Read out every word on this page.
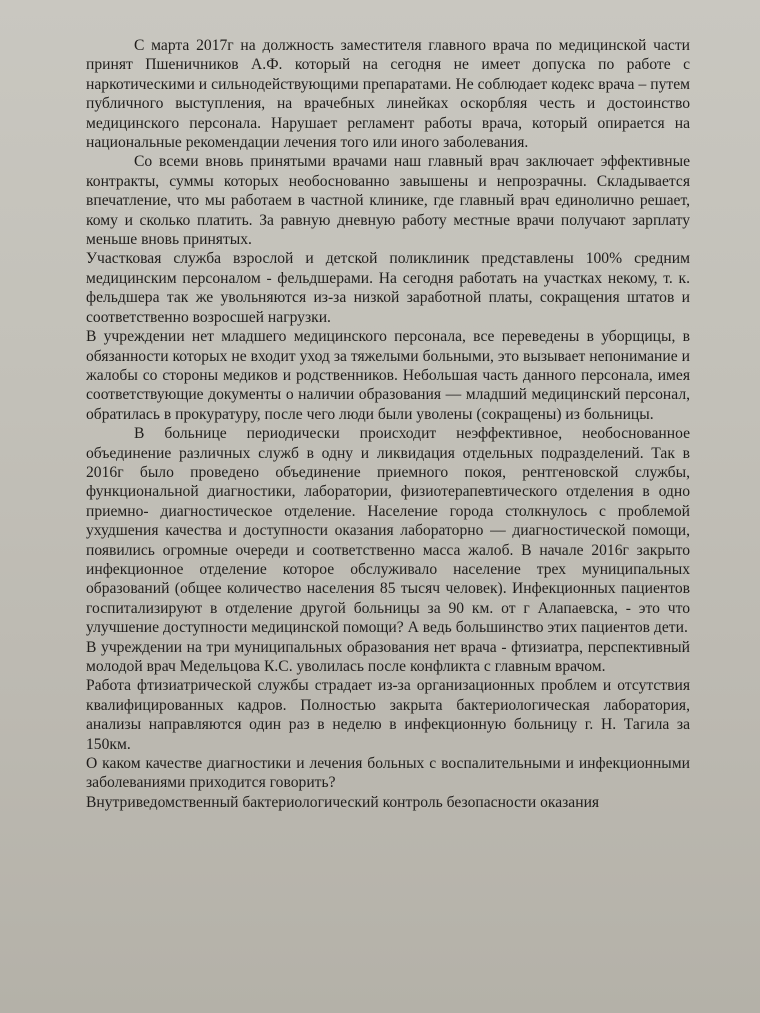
С марта 2017г на должность заместителя главного врача по медицинской части принят Пшеничников А.Ф. который на сегодня не имеет допуска по работе с наркотическими и сильнодействующими препаратами. Не соблюдает кодекс врача – путем публичного выступления, на врачебных линейках оскорбляя честь и достоинство медицинского персонала. Нарушает регламент работы врача, который опирается на национальные рекомендации лечения того или иного заболевания.

Со всеми вновь принятыми врачами наш главный врач заключает эффективные контракты, суммы которых необоснованно завышены и непрозрачны. Складывается впечатление, что мы работаем в частной клинике, где главный врач единолично решает, кому и сколько платить. За равную дневную работу местные врачи получают зарплату меньше вновь принятых.

Участковая служба взрослой и детской поликлиник представлены 100% средним медицинским персоналом - фельдшерами. На сегодня работать на участках некому, т. к. фельдшера так же увольняются из-за низкой заработной платы, сокращения штатов и соответственно возросшей нагрузки.

В учреждении нет младшего медицинского персонала, все переведены в уборщицы, в обязанности которых не входит уход за тяжелыми больными, это вызывает непонимание и жалобы со стороны медиков и родственников. Небольшая часть данного персонала, имея соответствующие документы о наличии образования — младший медицинский персонал, обратилась в прокуратуру, после чего люди были уволены (сокращены) из больницы.

В больнице периодически происходит неэффективное, необоснованное объединение различных служб в одну и ликвидация отдельных подразделений. Так в 2016г было проведено объединение приемного покоя, рентгеновской службы, функциональной диагностики, лаборатории, физиотерапевтического отделения в одно приемно- диагностическое отделение. Население города столкнулось с проблемой ухудшения качества и доступности оказания лабораторно — диагностической помощи, появились огромные очереди и соответственно масса жалоб. В начале 2016г закрыто инфекционное отделение которое обслуживало население трех муниципальных образований (общее количество населения 85 тысяч человек). Инфекционных пациентов госпитализируют в отделение другой больницы за 90 км. от г Алапаевска, - это что улучшение доступности медицинской помощи? А ведь большинство этих пациентов дети.

В учреждении на три муниципальных образования нет врача - фтизиатра, перспективный молодой врач Медельцова К.С. уволилась после конфликта с главным врачом.

Работа фтизиатрической службы страдает из-за организационных проблем и отсутствия квалифицированных кадров. Полностью закрыта бактериологическая лаборатория, анализы направляются один раз в неделю в инфекционную больницу г. Н. Тагила за 150км.

О каком качестве диагностики и лечения больных с воспалительными и инфекционными заболеваниями приходится говорить?

Внутриведомственный бактериологический контроль безопасности оказания
